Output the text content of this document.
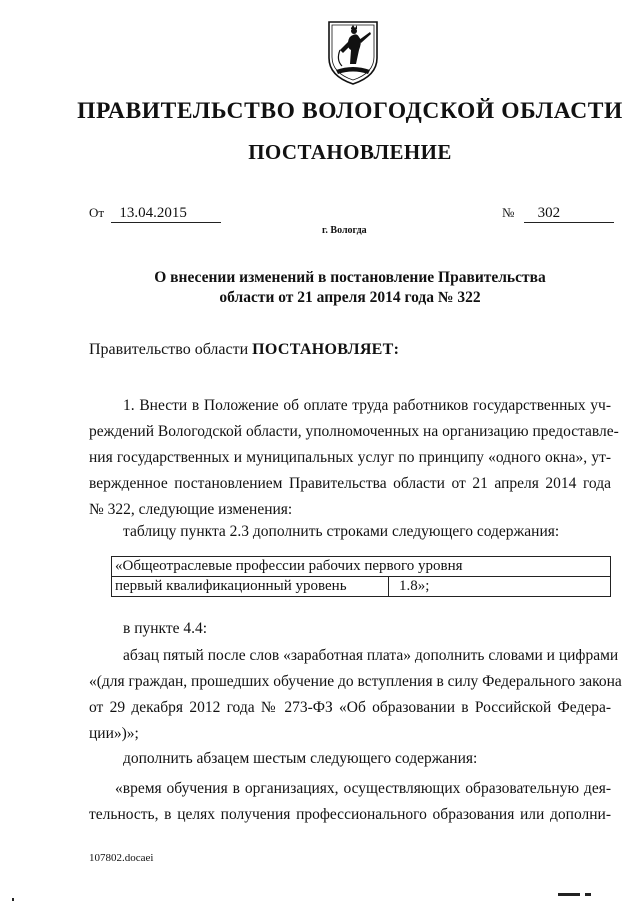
ПРАВИТЕЛЬСТВО ВОЛОГОДСКОЙ ОБЛАСТИ
ПОСТАНОВЛЕНИЕ
От 13.04.2015	№ 302
г. Вологда
О внесении изменений в постановление Правительства
области от 21 апреля 2014 года № 322
Правительство области ПОСТАНОВЛЯЕТ:
1. Внести в Положение об оплате труда работников государственных уч-
реждений Вологодской области, уполномоченных на организацию предоставле-
ния государственных и муниципальных услуг по принципу «одного окна», ут-
вержденное постановлением Правительства области от 21 апреля 2014 года
№ 322, следующие изменения:
таблицу пункта 2.3 дополнить строками следующего содержания:
«Общеотраслевые профессии рабочих первого уровня
первый квалификационный уровень	1.8»;
в пункте 4.4:
абзац пятый после слов «заработная плата» дополнить словами и цифрами
«(для граждан, прошедших обучение до вступления в силу Федерального закона
от 29 декабря 2012 года № 273-ФЗ «Об образовании в Российской Федера-
ции»)»;
дополнить абзацем шестым следующего содержания:
«время обучения в организациях, осуществляющих образовательную дея-
тельность, в целях получения профессионального образования или дополни-
107802.docaei
